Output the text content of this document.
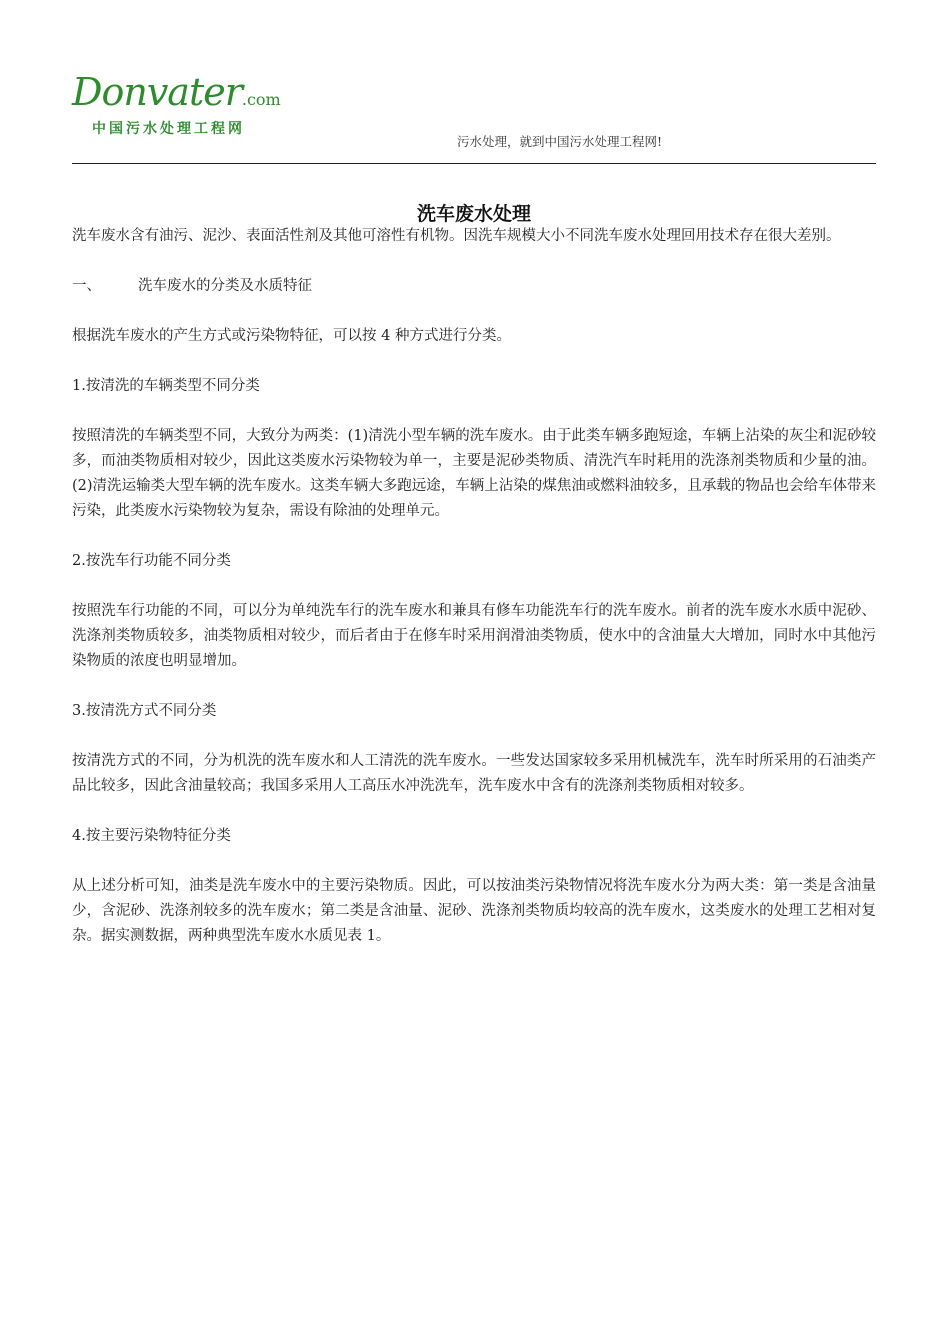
Donvater.com
中国污水处理工程网
污水处理，就到中国污水处理工程网!
洗车废水处理

洗车废水含有油污、泥沙、表面活性剂及其他可溶性有机物。因洗车规模大小不同洗车废水处理回用技术存在很大差别。

一、	洗车废水的分类及水质特征

根据洗车废水的产生方式或污染物特征，可以按 4 种方式进行分类。

1.按清洗的车辆类型不同分类

按照清洗的车辆类型不同，大致分为两类：(1)清洗小型车辆的洗车废水。由于此类车辆多跑短途，车辆上沾染的灰尘和泥砂较多，而油类物质相对较少，因此这类废水污染物较为单一，主要是泥砂类物质、清洗汽车时耗用的洗涤剂类物质和少量的油。(2)清洗运输类大型车辆的洗车废水。这类车辆大多跑远途，车辆上沾染的煤焦油或燃料油较多，且承载的物品也会给车体带来污染，此类废水污染物较为复杂，需设有除油的处理单元。

2.按洗车行功能不同分类

按照洗车行功能的不同，可以分为单纯洗车行的洗车废水和兼具有修车功能洗车行的洗车废水。前者的洗车废水水质中泥砂、洗涤剂类物质较多，油类物质相对较少，而后者由于在修车时采用润滑油类物质，使水中的含油量大大增加，同时水中其他污染物质的浓度也明显增加。

3.按清洗方式不同分类

按清洗方式的不同，分为机洗的洗车废水和人工清洗的洗车废水。一些发达国家较多采用机械洗车，洗车时所采用的石油类产品比较多，因此含油量较高；我国多采用人工高压水冲洗洗车，洗车废水中含有的洗涤剂类物质相对较多。

4.按主要污染物特征分类

从上述分析可知，油类是洗车废水中的主要污染物质。因此，可以按油类污染物情况将洗车废水分为两大类：第一类是含油量少，含泥砂、洗涤剂较多的洗车废水；第二类是含油量、泥砂、洗涤剂类物质均较高的洗车废水，这类废水的处理工艺相对复杂。据实测数据，两种典型洗车废水水质见表 1。
